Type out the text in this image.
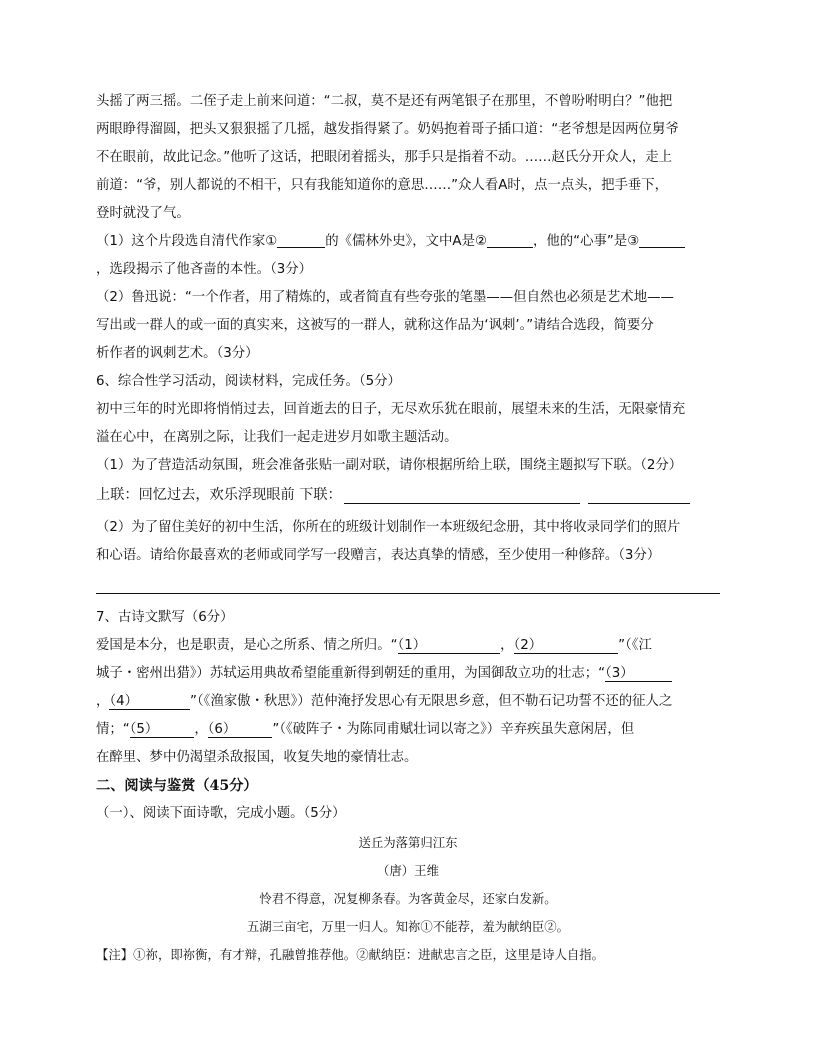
头摇了两三摇。二侄子走上前来问道：“二叔，莫不是还有两笔银子在那里，不曾吩咐明白？”他把

两眼睁得溜圆，把头又狠狠摇了几摇，越发指得紧了。奶妈抱着哥子插口道：“老爷想是因两位舅爷

不在眼前，故此记念。”他听了这话，把眼闭着摇头，那手只是指着不动。……赵氏分开众人，走上

前道：“爷，别人都说的不相干，只有我能知道你的意思……”众人看A时，点一点头，把手垂下，

登时就没了气。

（1）这个片段选自清代作家①	的《儒林外史》，文中A是②	，他的“心事”是③
，选段揭示了他吝啬的本性。（3分）

（2）鲁迅说：“一个作者，用了精炼的，或者简直有些夸张的笔墨——但自然也必须是艺术地——

写出或一群人的或一面的真实来，这被写的一群人，就称这作品为‘讽刺’。”请结合选段，简要分

析作者的讽刺艺术。（3分）

6、综合性学习活动，阅读材料，完成任务。（5分）

初中三年的时光即将悄悄过去，回首逝去的日子，无尽欢乐犹在眼前，展望未来的生活，无限豪情充

溢在心中，在离别之际，让我们一起走进岁月如歌主题活动。

（1）为了营造活动氛围，班会准备张贴一副对联，请你根据所给上联，围绕主题拟写下联。（2分）

上联：回忆过去，欢乐浮现眼前 下联：

（2）为了留住美好的初中生活，你所在的班级计划制作一本班级纪念册，其中将收录同学们的照片

和心语。请给你最喜欢的老师或同学写一段赠言，表达真挚的情感，至少使用一种修辞。（3分）

7、古诗文默写（6分）

爱国是本分，也是职责，是心之所系、情之所归。“（1）	，（2）	”（《江

城子・密州出猎》）苏轼运用典故希望能重新得到朝廷的重用，为国御敌立功的壮志；“（3）

，（4）	”（《渔家傲・秋思》）范仲淹抒发思心有无限思乡意，但不勒石记功誓不还的征人之

情；“（5）	，（6）	”（《破阵子・为陈同甫赋壮词以寄之》）辛弃疾虽失意闲居，但

在醉里、梦中仍渴望杀敌报国，收复失地的豪情壮志。

二、阅读与鉴赏（45分）

（一）、阅读下面诗歌，完成小题。（5分）

送丘为落第归江东

（唐）王维

怜君不得意，况复柳条春。为客黄金尽，还家白发新。

五湖三亩宅，万里一归人。知祢①不能荐，羞为献纳臣②。

【注】①祢，即祢衡，有才辩，孔融曾推荐他。②献纳臣：进献忠言之臣，这里是诗人自指。
